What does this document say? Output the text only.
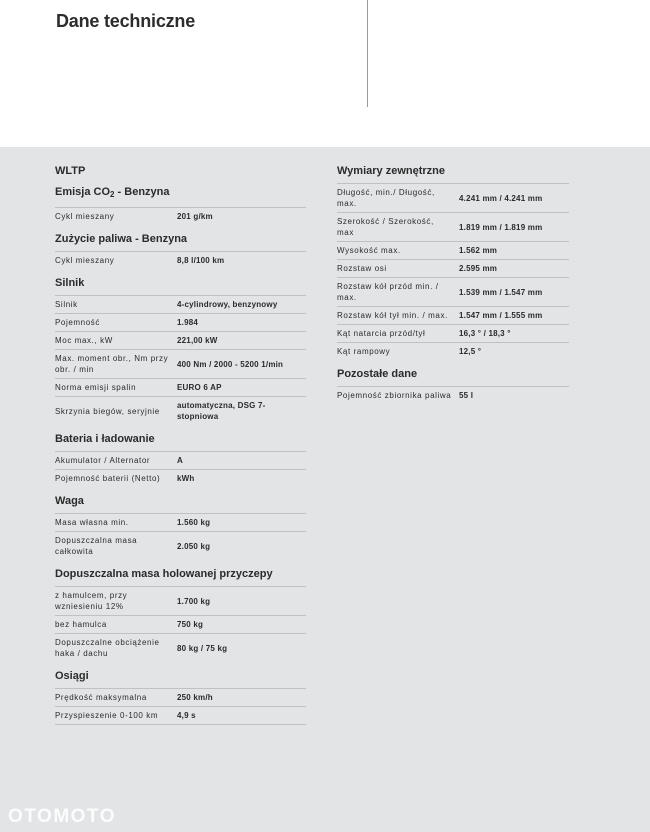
Dane techniczne
WLTP
Emisja $CO_2$ - Benzyna
Cykl mieszany	201 g/km
Zużycie paliwa - Benzyna
Cykl mieszany	8,8 l/100 km
Silnik
Silnik	4-cylindrowy, benzynowy
Pojemność	1.984
Moc max., kW	221,00 kW
Max. moment obr., Nm przy obr. / min	400 Nm / 2000 - 5200 1/min
Norma emisji spalin	EURO 6 AP
Skrzynia biegów, seryjnie	automatyczna, DSG 7-stopniowa
Bateria i ładowanie
Akumulator / Alternator	A
Pojemność baterii (Netto)	kWh
Waga
Masa własna min.	1.560 kg
Dopuszczalna masa całkowita	2.050 kg
Dopuszczalna masa holowanej przyczepy
z hamulcem, przy wzniesieniu 12%	1.700 kg
bez hamulca	750 kg
Dopuszczalne obciążenie haka / dachu	80 kg / 75 kg
Osiągi
Prędkość maksymalna	250 km/h
Przyspieszenie 0-100 km	4,9 s
Wymiary zewnętrzne
Długość, min./ Długość, max.	4.241 mm / 4.241 mm
Szerokość / Szerokość, max	1.819 mm / 1.819 mm
Wysokość max.	1.562 mm
Rozstaw osi	2.595 mm
Rozstaw kół przód min. / max.	1.539 mm / 1.547 mm
Rozstaw kół tył min. / max.	1.547 mm / 1.555 mm
Kąt natarcia przód/tył	16,3 ° / 18,3 °
Kąt rampowy	12,5 °
Pozostałe dane
Pojemność zbiornika paliwa	55 l
OTOMOTO
